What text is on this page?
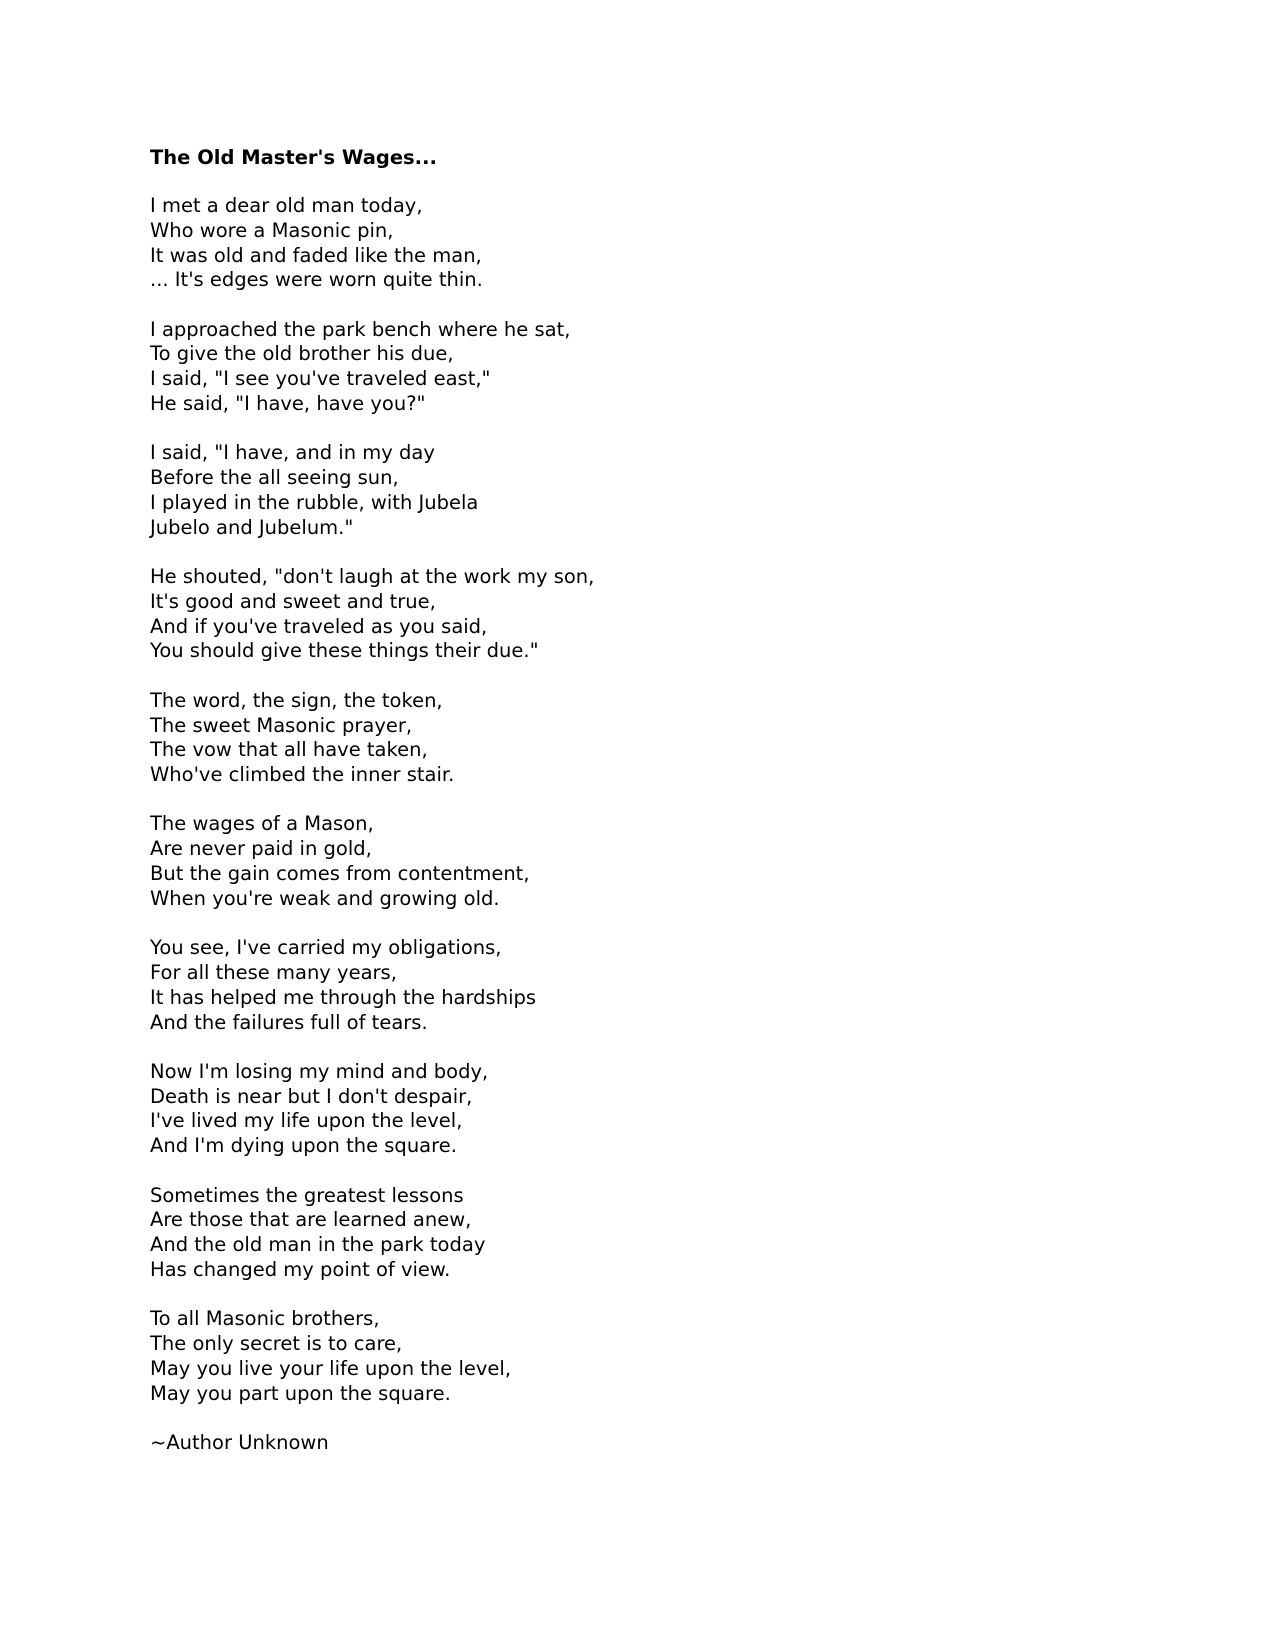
The Old Master's Wages...
I met a dear old man today,
Who wore a Masonic pin,
It was old and faded like the man,
... It's edges were worn quite thin.
I approached the park bench where he sat,
To give the old brother his due,
I said, "I see you've traveled east,"
He said, "I have, have you?"
I said, "I have, and in my day
Before the all seeing sun,
I played in the rubble, with Jubela
Jubelo and Jubelum."
He shouted, "don't laugh at the work my son,
It's good and sweet and true,
And if you've traveled as you said,
You should give these things their due."
The word, the sign, the token,
The sweet Masonic prayer,
The vow that all have taken,
Who've climbed the inner stair.
The wages of a Mason,
Are never paid in gold,
But the gain comes from contentment,
When you're weak and growing old.
You see, I've carried my obligations,
For all these many years,
It has helped me through the hardships
And the failures full of tears.
Now I'm losing my mind and body,
Death is near but I don't despair,
I've lived my life upon the level,
And I'm dying upon the square.
Sometimes the greatest lessons
Are those that are learned anew,
And the old man in the park today
Has changed my point of view.
To all Masonic brothers,
The only secret is to care,
May you live your life upon the level,
May you part upon the square.
~Author Unknown
